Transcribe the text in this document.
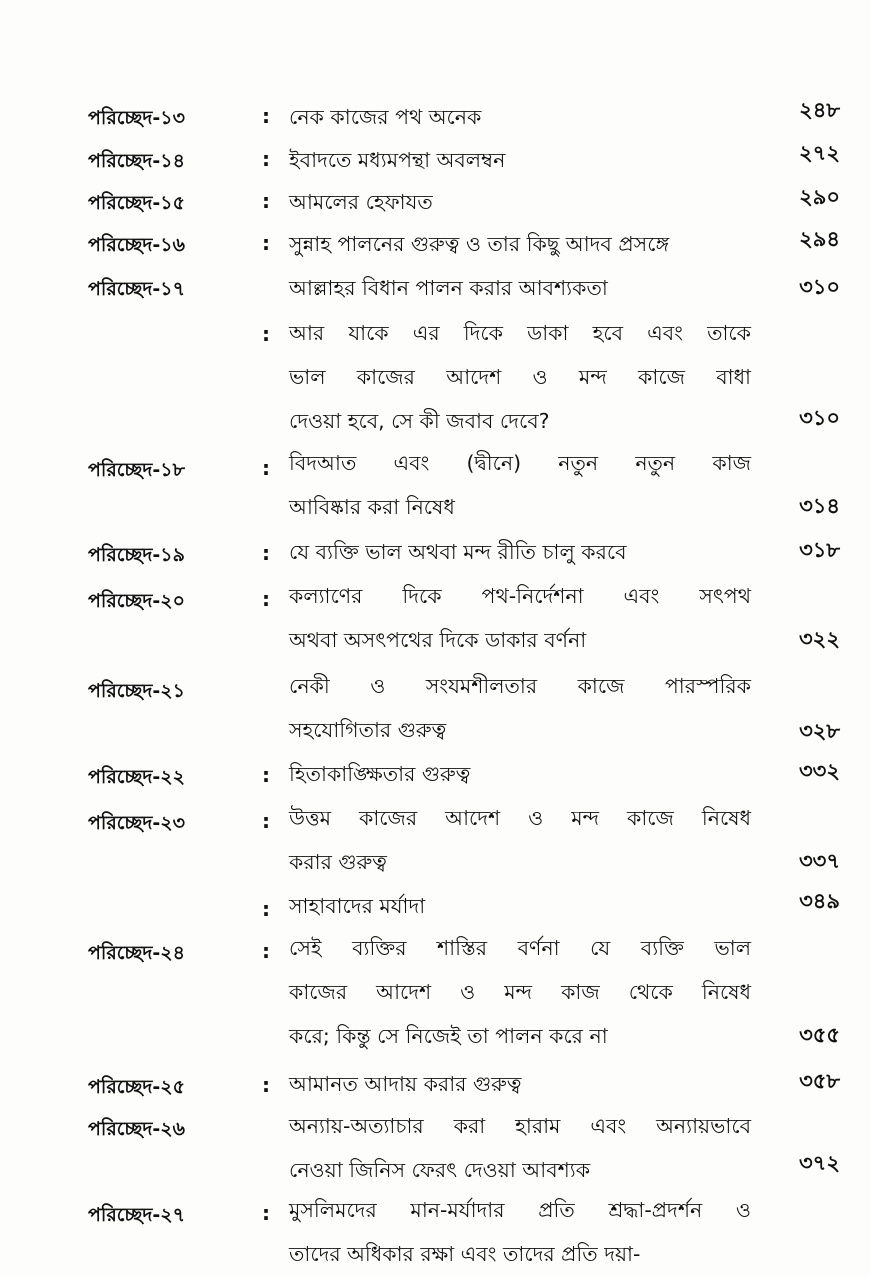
পরিচ্ছেদ-১৩	: নেক কাজের পথ অনেক	২৪৮
পরিচ্ছেদ-১৪	: ইবাদতে মধ্যমপন্থা অবলম্বন	২৭২
পরিচ্ছেদ-১৫	: আমলের হেফাযত	২৯০
পরিচ্ছেদ-১৬	: সুন্নাহ পালনের গুরুত্ব ও তার কিছু আদব প্রসঙ্গে	২৯৪
পরিচ্ছেদ-১৭	আল্লাহর বিধান পালন করার আবশ্যকতা	৩১০
: আর যাকে এর দিকে ডাকা হবে এবং তাকে
ভাল কাজের আদেশ ও মন্দ কাজে বাধা
দেওয়া হবে, সে কী জবাব দেবে?	৩১০
পরিচ্ছেদ-১৮	: বিদআত এবং (দ্বীনে) নতুন নতুন কাজ
আবিষ্কার করা নিষেধ	৩১৪
পরিচ্ছেদ-১৯	: যে ব্যক্তি ভাল অথবা মন্দ রীতি চালু করবে	৩১৮
পরিচ্ছেদ-২০	: কল্যাণের দিকে পথ-নির্দেশনা এবং সৎপথ
অথবা অসৎপথের দিকে ডাকার বর্ণনা	৩২২
পরিচ্ছেদ-২১	নেকী ও সংযমশীলতার কাজে পারস্পরিক
সহযোগিতার গুরুত্ব	৩২৮
পরিচ্ছেদ-২২	: হিতাকাঙ্ক্ষিতার গুরুত্ব	৩৩২
পরিচ্ছেদ-২৩	: উত্তম কাজের আদেশ ও মন্দ কাজে নিষেধ
করার গুরুত্ব	৩৩৭
: সাহাবাদের মর্যাদা	৩৪৯
পরিচ্ছেদ-২৪	: সেই ব্যক্তির শাস্তির বর্ণনা যে ব্যক্তি ভাল
কাজের আদেশ ও মন্দ কাজ থেকে নিষেধ
করে; কিন্তু সে নিজেই তা পালন করে না	৩৫৫
পরিচ্ছেদ-২৫	: আমানত আদায় করার গুরুত্ব	৩৫৮
পরিচ্ছেদ-২৬	অন্যায়-অত্যাচার করা হারাম এবং অন্যায়ভাবে
নেওয়া জিনিস ফেরৎ দেওয়া আবশ্যক	৩৭২
পরিচ্ছেদ-২৭	: মুসলিমদের মান-মর্যাদার প্রতি শ্রদ্ধা-প্রদর্শন ও
তাদের অধিকার রক্ষা এবং তাদের প্রতি দয়া-
